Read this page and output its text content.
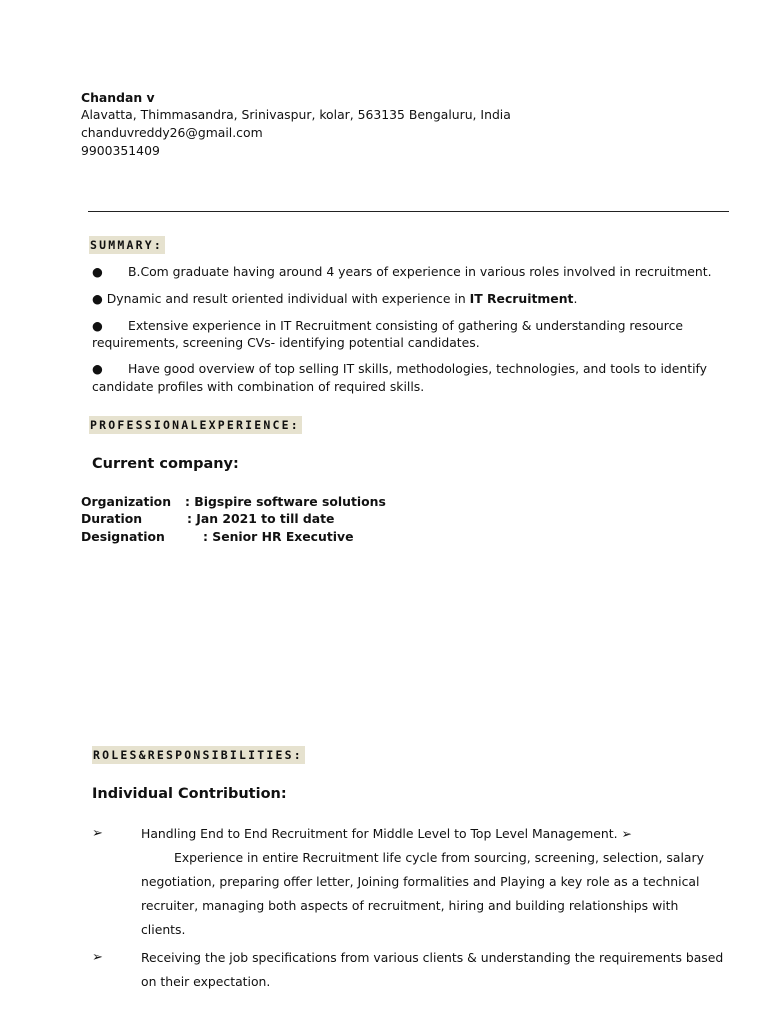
Chandan v
Alavatta, Thimmasandra, Srinivaspur, kolar, 563135 Bengaluru, India
chanduvreddy26@gmail.com
9900351409
SUMMARY:
● B.Com graduate having around 4 years of experience in various roles involved in recruitment.
● Dynamic and result oriented individual with experience in IT Recruitment.
● Extensive experience in IT Recruitment consisting of gathering & understanding resource
requirements, screening CVs- identifying potential candidates.
● Have good overview of top selling IT skills, methodologies, technologies, and tools to identify
candidate profiles with combination of required skills.
PROFESSIONALEXPERIENCE:
Current company:
Organization : Bigspire software solutions
Duration	: Jan 2021 to till date
Designation	: Senior HR Executive
ROLES&RESPONSIBILITIES:
Individual Contribution:
➢	Handling End to End Recruitment for Middle Level to Top Level Management. ➢
Experience in entire Recruitment life cycle from sourcing, screening, selection, salary
negotiation, preparing offer letter, Joining formalities and Playing a key role as a technical
recruiter, managing both aspects of recruitment, hiring and building relationships with
clients.
➢	Receiving the job specifications from various clients & understanding the requirements based
on their expectation.
